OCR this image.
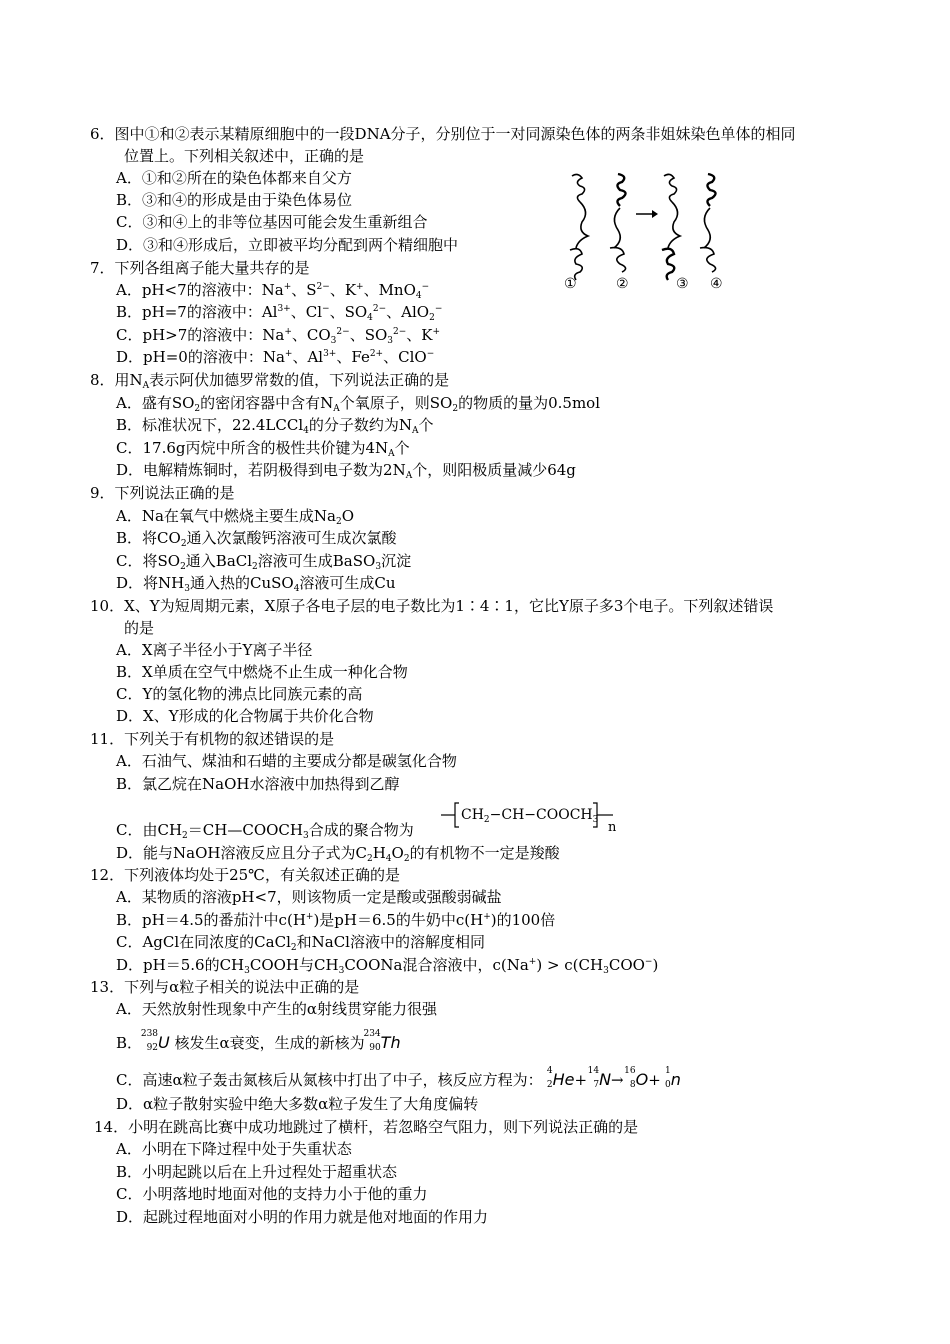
6．图中①和②表示某精原细胞中的一段DNA分子，分别位于一对同源染色体的两条非姐妹染色单体的相同
位置上。下列相关叙述中，正确的是
A．①和②所在的染色体都来自父方
B．③和④的形成是由于染色体易位
C．③和④上的非等位基因可能会发生重新组合
D．③和④形成后，立即被平均分配到两个精细胞中
①	②	③ ④
7．下列各组离子能大量共存的是
A．pH<7的溶液中：Na+、$S^{2-}$、K+、MnO$_4$−
B．pH=7的溶液中：$Al^{3+}$、Cl−、$SO_4^{2-}$、AlO$_2$−
C．pH>7的溶液中：Na+、$CO_3^{2-}$、$SO_3^{2-}$、K+
D．pH=0的溶液中：Na+、$Al^{3+}$、$Fe^{2+}$、ClO−
8．用$N_A$表示阿伏加德罗常数的值，下列说法正确的是
A．盛有$SO_2$的密闭容器中含有$N_A$个氧原子，则$SO_2$的物质的量为0.5mol
B．标准状况下，22.4LCCl$_4$的分子数约为$N_A$个
C．17.6g丙烷中所含的极性共价键为$4N_A$个
D．电解精炼铜时，若阴极得到电子数为$2N_A$个，则阳极质量减少64g
9．下列说法正确的是
A．Na在氧气中燃烧主要生成$Na_2O$
B．将$CO_2$通入次氯酸钙溶液可生成次氯酸
C．将$SO_2$通入BaCl$_2$溶液可生成BaSO$_3$沉淀
D．将$NH_3$通入热的CuSO$_4$溶液可生成Cu
10．X、Y为短周期元素，X原子各电子层的电子数比为1∶4∶1，它比Y原子多3个电子。下列叙述错误
的是
A．X离子半径小于Y离子半径
B．X单质在空气中燃烧不止生成一种化合物
C．Y的氢化物的沸点比同族元素的高
D．X、Y形成的化合物属于共价化合物
11．下列关于有机物的叙述错误的是
A．石油气、煤油和石蜡的主要成分都是碳氢化合物
B．氯乙烷在NaOH水溶液中加热得到乙醇
C．由$CH_2=CH—COOCH_3$合成的聚合物为
$CH_2-CH-COOCH_3$ n
D．能与NaOH溶液反应且分子式为$C_2H_4O_2$的有机物不一定是羧酸
12．下列液体均处于25℃，有关叙述正确的是
A．某物质的溶液pH<7，则该物质一定是酸或强酸弱碱盐
B．pH＝4.5的番茄汁中c(H+)是pH＝6.5的牛奶中c(H+)的100倍
C．AgCl在同浓度的CaCl$_2$和NaCl溶液中的溶解度相同
D．pH＝5.6的$CH_3COOH$与$CH_3COONa$混合溶液中，$c(Na^+) > c(CH_3COO^-)$
13．下列与α粒子相关的说法中正确的是
A．天然放射性现象中产生的α射线贯穿能力很强
B．
238
92 U 核发生α衰变，生成的新核为
234
90 Th
C．高速α粒子轰击氮核后从氮核中打出了中子，核反应方程为： 4
2 He+ 14
7 N→ 16
8 O+ 1
0 n
D．α粒子散射实验中绝大多数α粒子发生了大角度偏转
14．小明在跳高比赛中成功地跳过了横杆，若忽略空气阻力，则下列说法正确的是
A．小明在下降过程中处于失重状态
B．小明起跳以后在上升过程处于超重状态
C．小明落地时地面对他的支持力小于他的重力
D．起跳过程地面对小明的作用力就是他对地面的作用力
